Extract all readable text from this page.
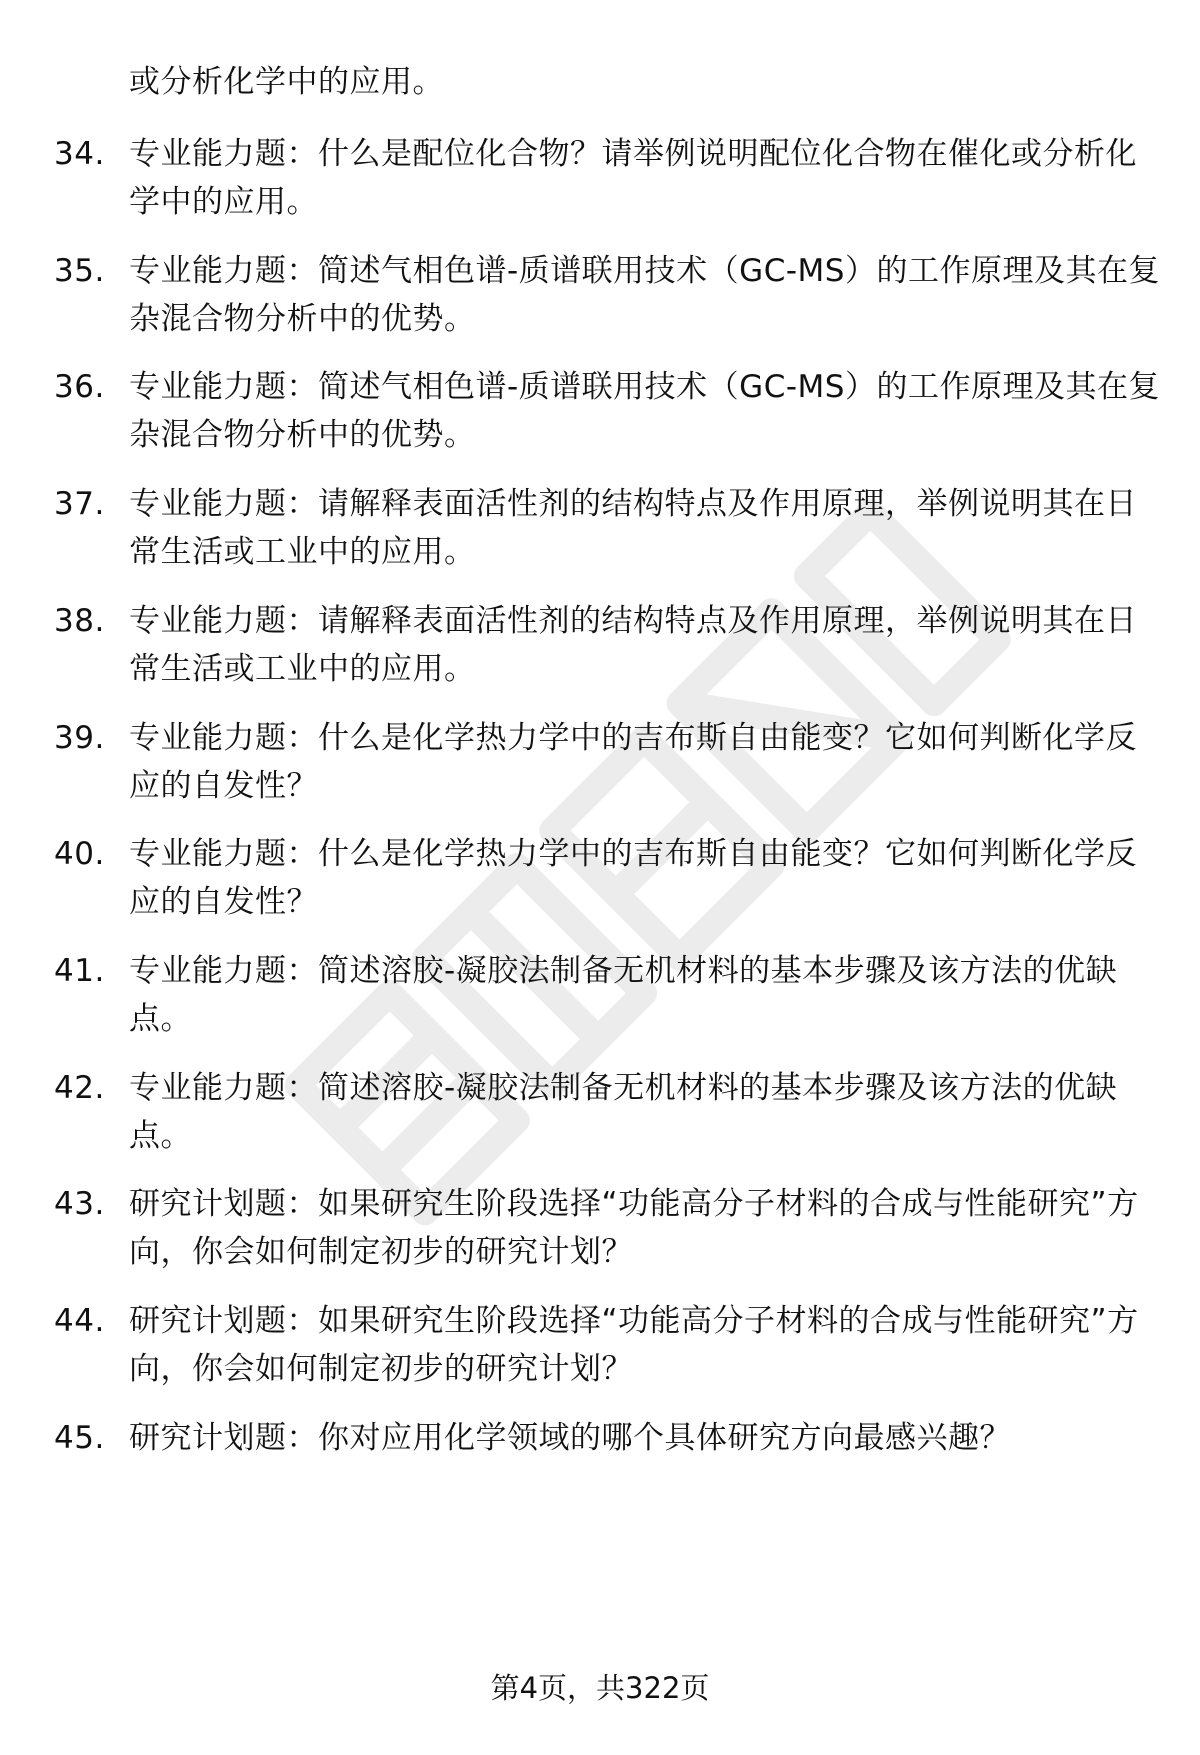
或分析化学中的应用。
34. 专业能力题：什么是配位化合物？请举例说明配位化合物在催化或分析化学中的应用。
35. 专业能力题：简述气相色谱-质谱联用技术（GC-MS）的工作原理及其在复杂混合物分析中的优势。
36. 专业能力题：简述气相色谱-质谱联用技术（GC-MS）的工作原理及其在复杂混合物分析中的优势。
37. 专业能力题：请解释表面活性剂的结构特点及作用原理，举例说明其在日常生活或工业中的应用。
38. 专业能力题：请解释表面活性剂的结构特点及作用原理，举例说明其在日常生活或工业中的应用。
39. 专业能力题：什么是化学热力学中的吉布斯自由能变？它如何判断化学反应的自发性？
40. 专业能力题：什么是化学热力学中的吉布斯自由能变？它如何判断化学反应的自发性？
41. 专业能力题：简述溶胶-凝胶法制备无机材料的基本步骤及该方法的优缺点。
42. 专业能力题：简述溶胶-凝胶法制备无机材料的基本步骤及该方法的优缺点。
43. 研究计划题：如果研究生阶段选择“功能高分子材料的合成与性能研究”方向，你会如何制定初步的研究计划？
44. 研究计划题：如果研究生阶段选择“功能高分子材料的合成与性能研究”方向，你会如何制定初步的研究计划？
45. 研究计划题：你对应用化学领域的哪个具体研究方向最感兴趣？
第4页，共322页
